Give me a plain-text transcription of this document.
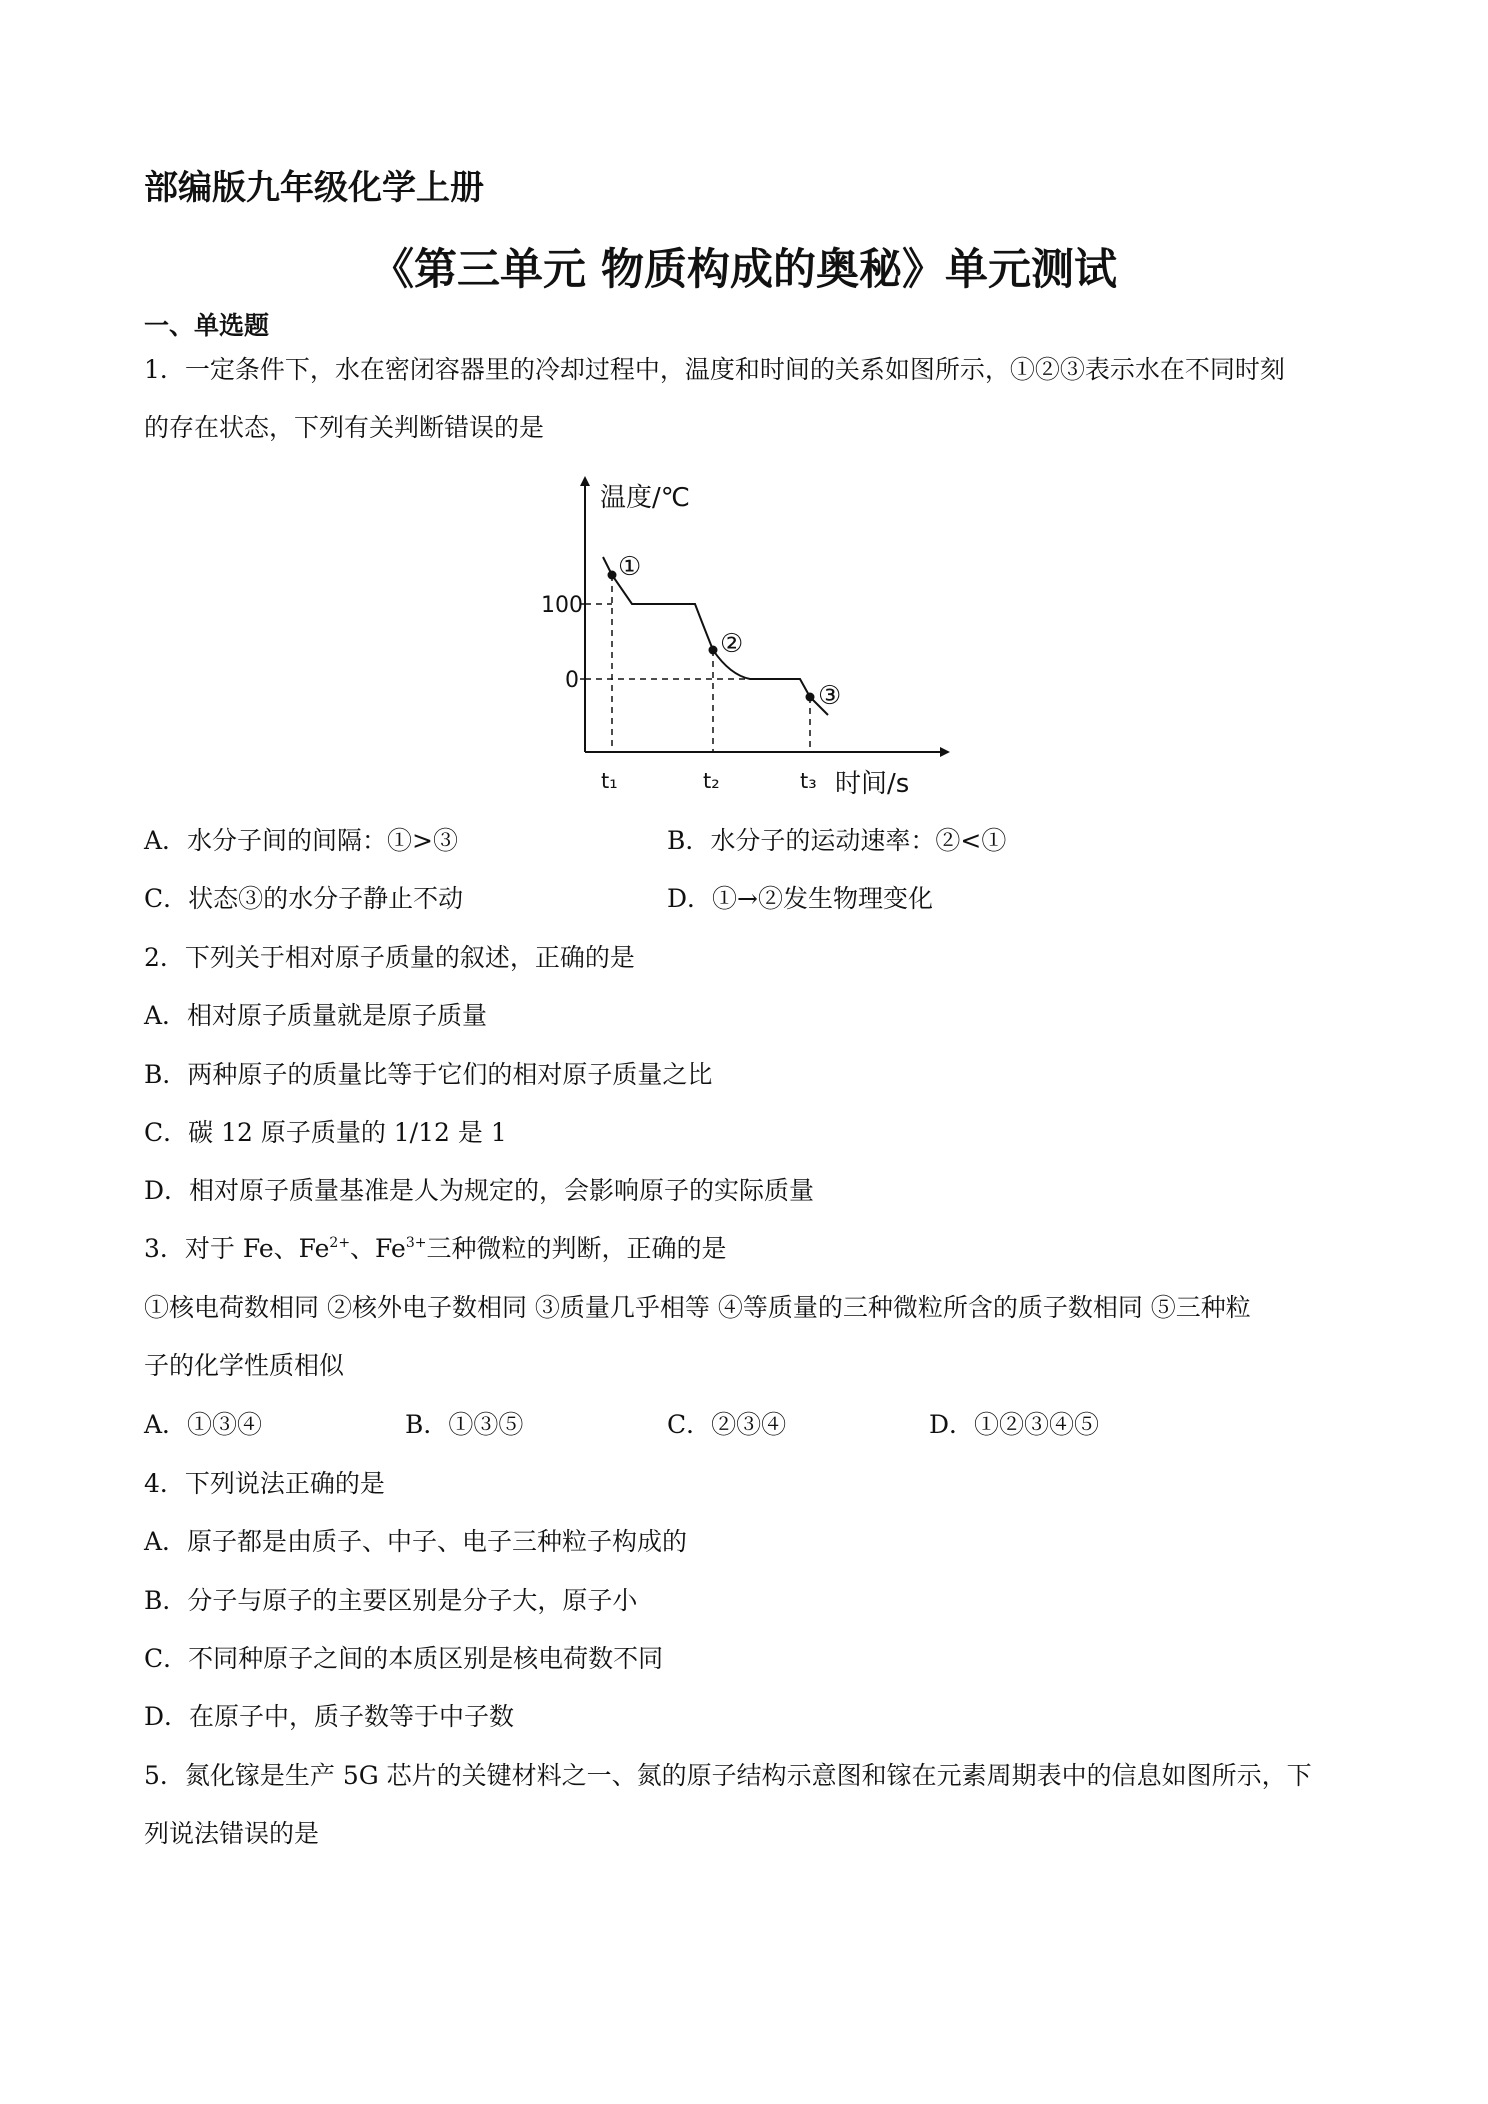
部编版九年级化学上册
《第三单元 物质构成的奥秘》单元测试
一、单选题
1．一定条件下，水在密闭容器里的冷却过程中，温度和时间的关系如图所示，①②③表示水在不同时刻
的存在状态，下列有关判断错误的是
温度/℃
时间/s
100
0
①
②
③
t₁	t₂	t₃
A．水分子间的间隔：①>③	B．水分子的运动速率：②<①
C．状态③的水分子静止不动	D．①→②发生物理变化
2．下列关于相对原子质量的叙述，正确的是
A．相对原子质量就是原子质量
B．两种原子的质量比等于它们的相对原子质量之比
C．碳 12 原子质量的 1/12 是 1
D．相对原子质量基准是人为规定的，会影响原子的实际质量
3．对于 Fe、$Fe^{2+}$、$Fe^{3+}$三种微粒的判断，正确的是
①核电荷数相同 ②核外电子数相同 ③质量几乎相等 ④等质量的三种微粒所含的质子数相同 ⑤三种粒
子的化学性质相似
A．①③④	B．①③⑤	C．②③④	D．①②③④⑤
4．下列说法正确的是
A．原子都是由质子、中子、电子三种粒子构成的
B．分子与原子的主要区别是分子大，原子小
C．不同种原子之间的本质区别是核电荷数不同
D．在原子中，质子数等于中子数
5．氮化镓是生产 5G 芯片的关键材料之一、氮的原子结构示意图和镓在元素周期表中的信息如图所示，下
列说法错误的是
